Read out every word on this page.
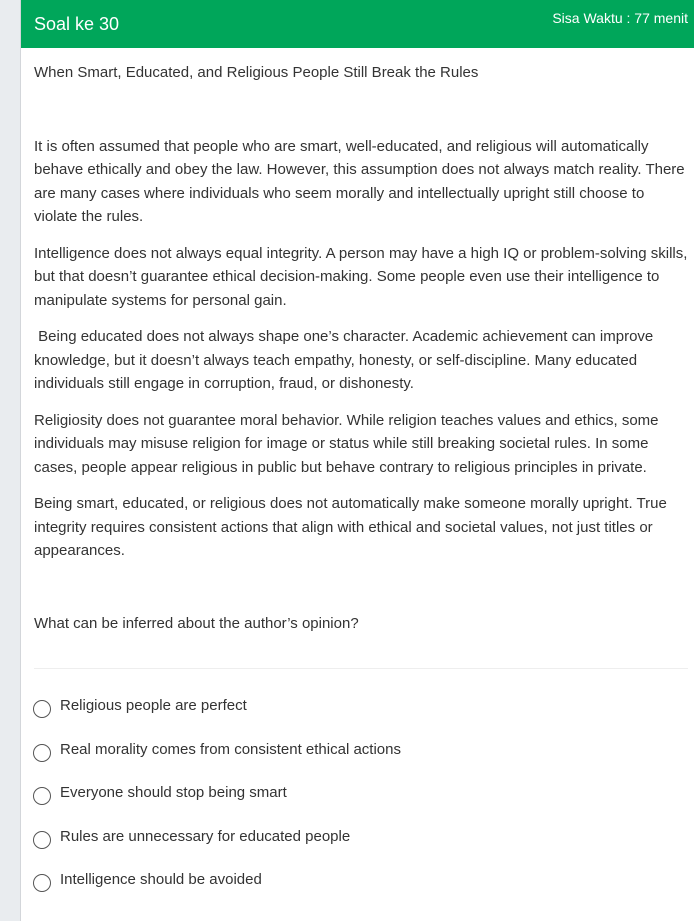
Soal ke 30	Sisa Waktu : 77 menit

When Smart, Educated, and Religious People Still Break the Rules

It is often assumed that people who are smart, well-educated, and religious will automatically behave ethically and obey the law. However, this assumption does not always match reality. There are many cases where individuals who seem morally and intellectually upright still choose to violate the rules.

Intelligence does not always equal integrity. A person may have a high IQ or problem-solving skills, but that doesn’t guarantee ethical decision-making. Some people even use their intelligence to manipulate systems for personal gain.

Being educated does not always shape one’s character. Academic achievement can improve knowledge, but it doesn’t always teach empathy, honesty, or self-discipline. Many educated individuals still engage in corruption, fraud, or dishonesty.

Religiosity does not guarantee moral behavior. While religion teaches values and ethics, some individuals may misuse religion for image or status while still breaking societal rules. In some cases, people appear religious in public but behave contrary to religious principles in private.

Being smart, educated, or religious does not automatically make someone morally upright. True integrity requires consistent actions that align with ethical and societal values, not just titles or appearances.

What can be inferred about the author’s opinion?
Religious people are perfect
Real morality comes from consistent ethical actions
Everyone should stop being smart
Rules are unnecessary for educated people
Intelligence should be avoided
